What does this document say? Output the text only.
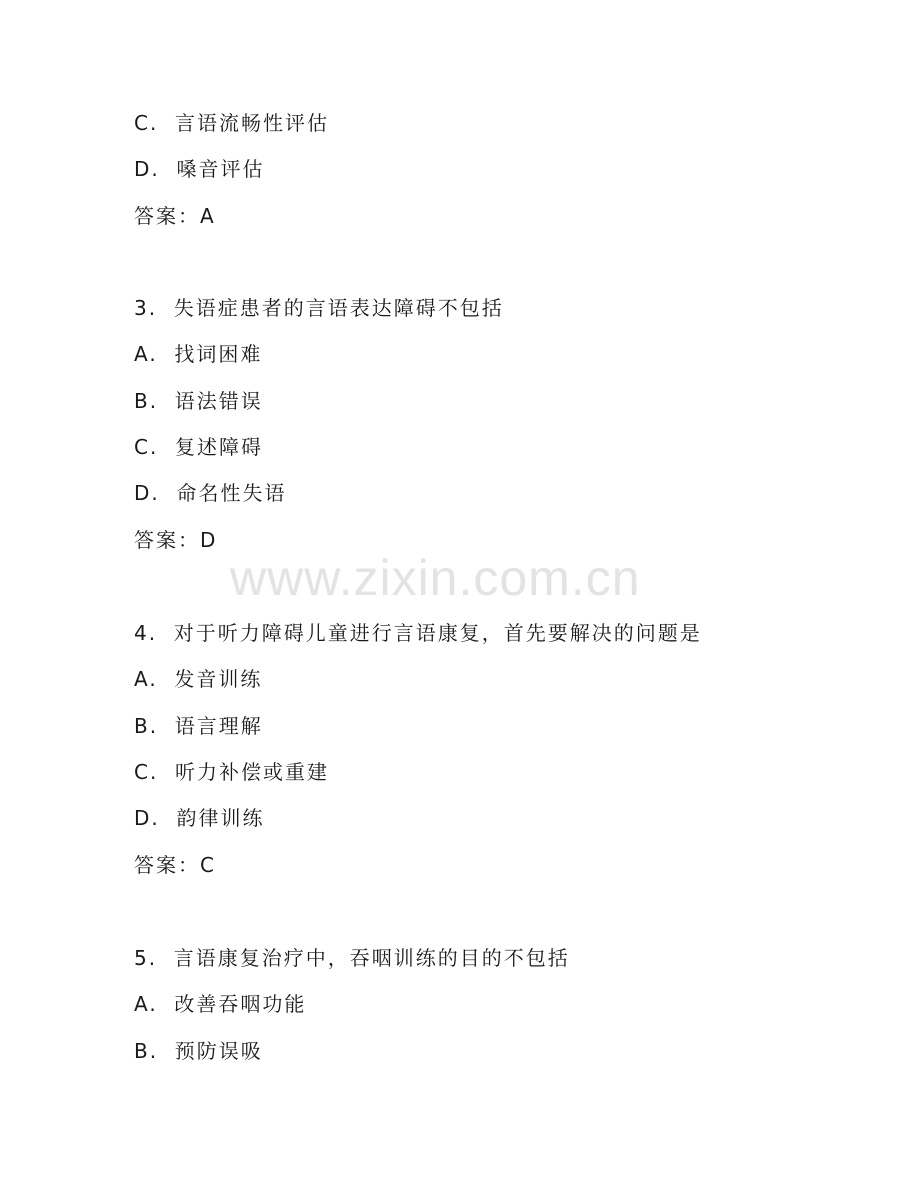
www.zixin.com.cn
C.  言语流畅性评估
D.  嗓音评估
答案：A
3.  失语症患者的言语表达障碍不包括
A.  找词困难
B.  语法错误
C.  复述障碍
D.  命名性失语
答案：D
4.  对于听力障碍儿童进行言语康复，首先要解决的问题是
A.  发音训练
B.  语言理解
C.  听力补偿或重建
D.  韵律训练
答案：C
5.  言语康复治疗中，吞咽训练的目的不包括
A.  改善吞咽功能
B.  预防误吸
